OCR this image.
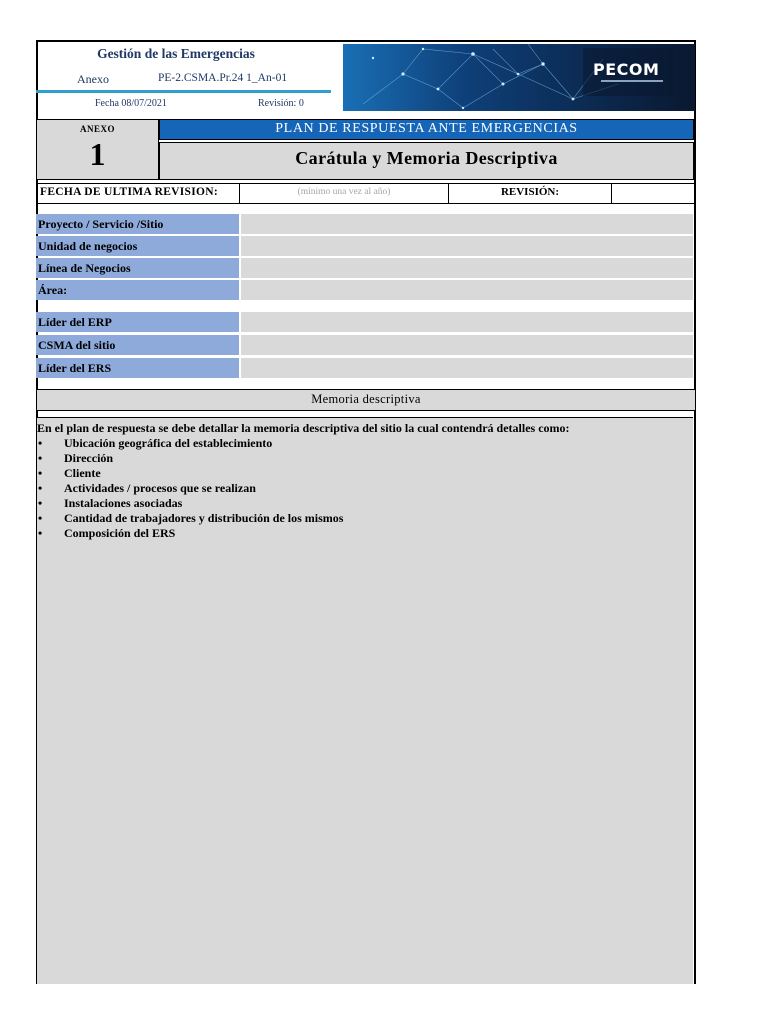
Gestión de las Emergencias
Anexo	PE-2.CSMA.Pr.24 1_An-01
Fecha 08/07/2021	Revisión: 0
PECOM
ANEXO
1
PLAN DE RESPUESTA ANTE EMERGENCIAS
Carátula y Memoria Descriptiva
FECHA DE ULTIMA REVISION:	(mínimo una vez al año)	REVISIÓN:
Proyecto / Servicio /Sitio
Unidad de negocios
Línea de Negocios
Área:
Líder del ERP
CSMA del sitio
Líder del ERS
Memoria descriptiva
En el plan de respuesta se debe detallar la memoria descriptiva del sitio la cual contendrá detalles como:
• Ubicación geográfica del establecimiento
• Dirección
• Cliente
• Actividades / procesos que se realizan
• Instalaciones asociadas
• Cantidad de trabajadores y distribución de los mismos
• Composición del ERS
